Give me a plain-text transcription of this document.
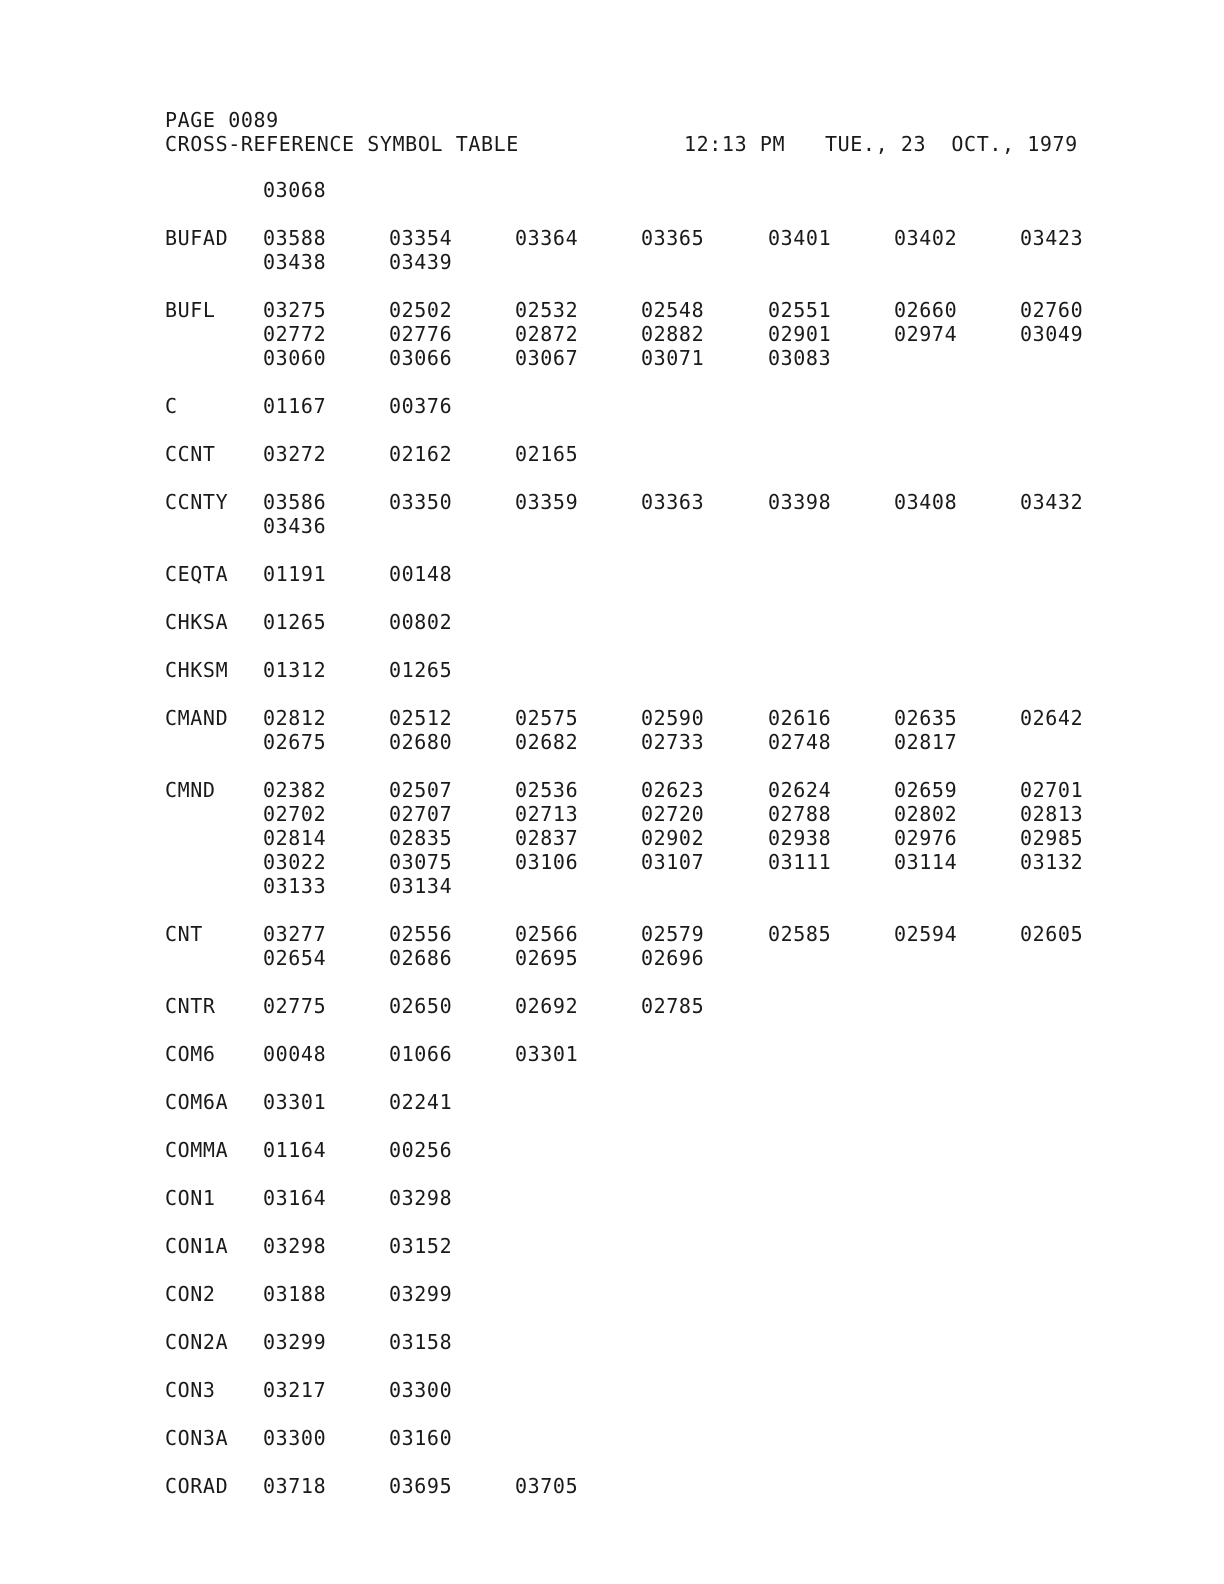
PAGE 0089
CROSS-REFERENCE SYMBOL TABLE	12:13 PM TUE., 23  OCT., 1979
03068
BUFAD 03588	03354	03364	03365	03401	03402	03423
03438	03439
BUFL 03275	02502	02532	02548	02551	02660	02760
02772	02776	02872	02882	02901	02974	03049
03060	03066	03067	03071	03083
C	01167	00376
CCNT 03272	02162	02165
CCNTY 03586	03350	03359	03363	03398	03408	03432
03436
CEQTA 01191	00148
CHKSA 01265	00802
CHKSM 01312	01265
CMAND 02812	02512	02575	02590	02616	02635	02642
02675	02680	02682	02733	02748	02817
CMND 02382	02507	02536	02623	02624	02659	02701
02702	02707	02713	02720	02788	02802	02813
02814	02835	02837	02902	02938	02976	02985
03022	03075	03106	03107	03111	03114	03132
03133	03134
CNT	03277	02556	02566	02579	02585	02594	02605
02654	02686	02695	02696
CNTR 02775	02650	02692	02785
COM6 00048	01066	03301
COM6A 03301	02241
COMMA 01164	00256
CON1 03164	03298
CON1A 03298	03152
CON2 03188	03299
CON2A 03299	03158
CON3 03217	03300
CON3A 03300	03160
CORAD 03718	03695	03705
